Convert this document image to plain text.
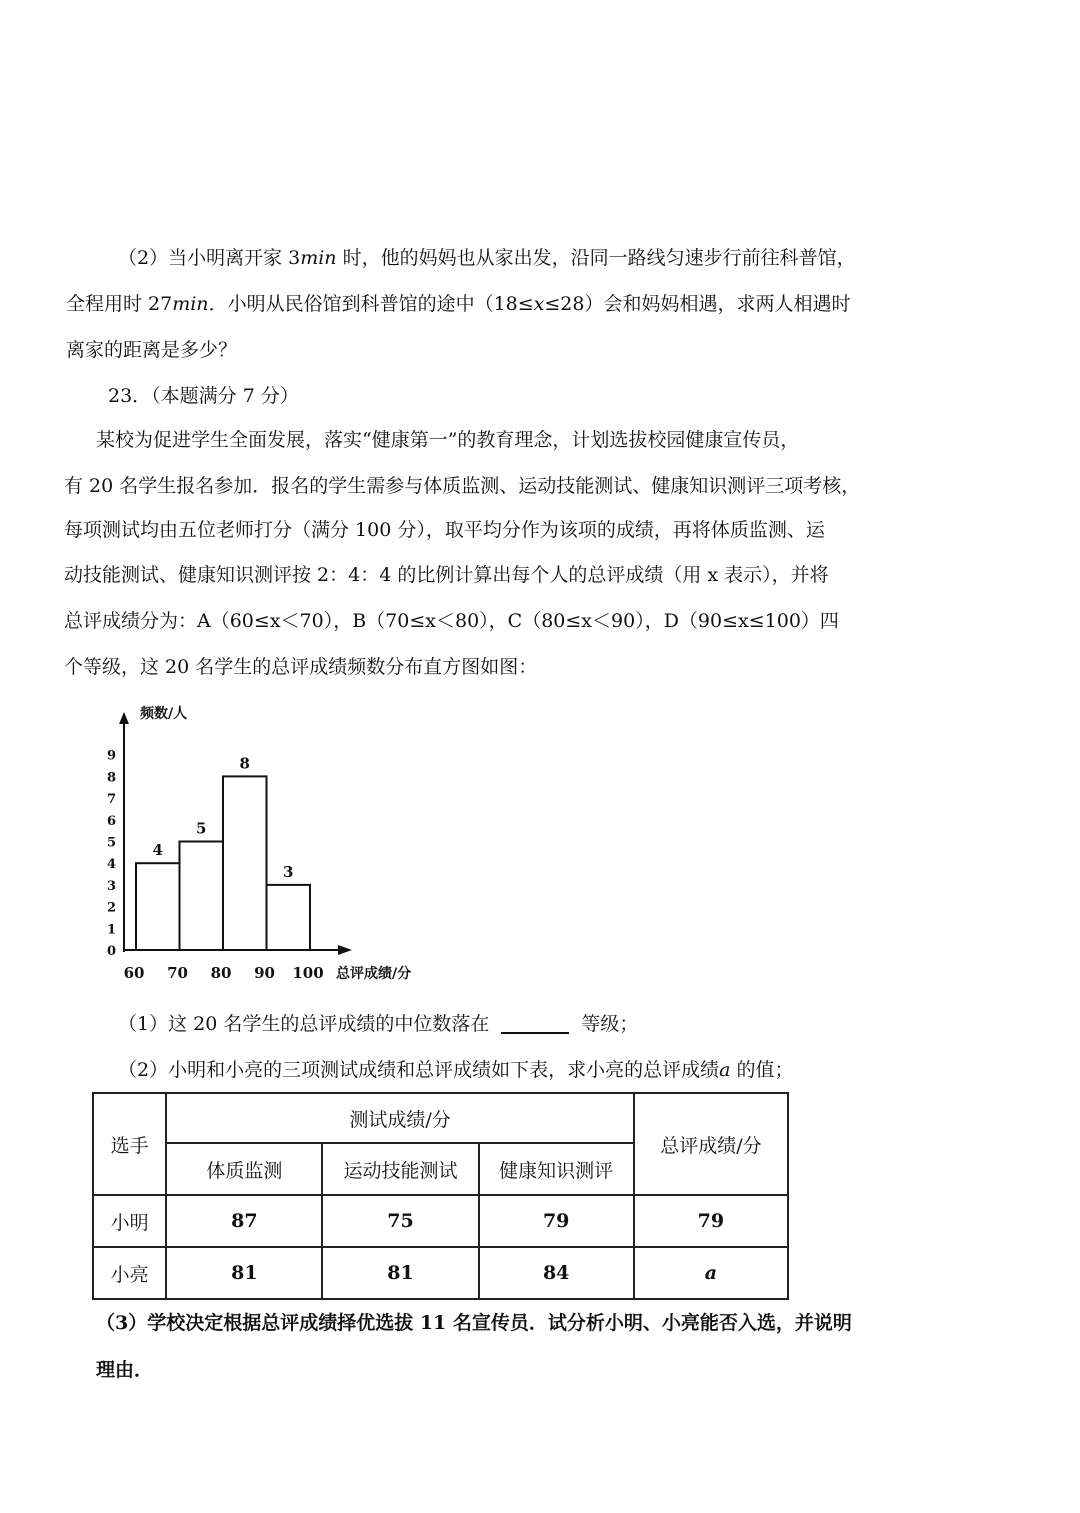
（2）当小明离开家 3min 时，他的妈妈也从家出发，沿同一路线匀速步行前往科普馆，
全程用时 27min．小明从民俗馆到科普馆的途中（18≤x≤28）会和妈妈相遇，求两人相遇时
离家的距离是多少？
23．（本题满分 7 分）
某校为促进学生全面发展，落实“健康第一”的教育理念，计划选拔校园健康宣传员，
有 20 名学生报名参加．报名的学生需参与体质监测、运动技能测试、健康知识测评三项考核，
每项测试均由五位老师打分（满分 100 分），取平均分作为该项的成绩，再将体质监测、运
动技能测试、健康知识测评按 2：4：4 的比例计算出每个人的总评成绩（用 x 表示），并将
总评成绩分为：A（60≤x＜70），B（70≤x＜80），C（80≤x＜90），D（90≤x≤100）四
个等级，这 20 名学生的总评成绩频数分布直方图如图：
频数/人
0
1
2
3
4
5
6
7
8
9
4
5
8
3
60 70 80 90 100 总评成绩/分
（1）这 20 名学生的总评成绩的中位数落在	等级；
（2）小明和小亮的三项测试成绩和总评成绩如下表，求小亮的总评成绩a 的值；
选手	测试成绩/分			总评成绩/分
	体质监测	运动技能测试	健康知识测评	
小明	87	75	79	79
小亮	81	81	84	a
（3）学校决定根据总评成绩择优选拔 11 名宣传员．试分析小明、小亮能否入选，并说明
理由．
